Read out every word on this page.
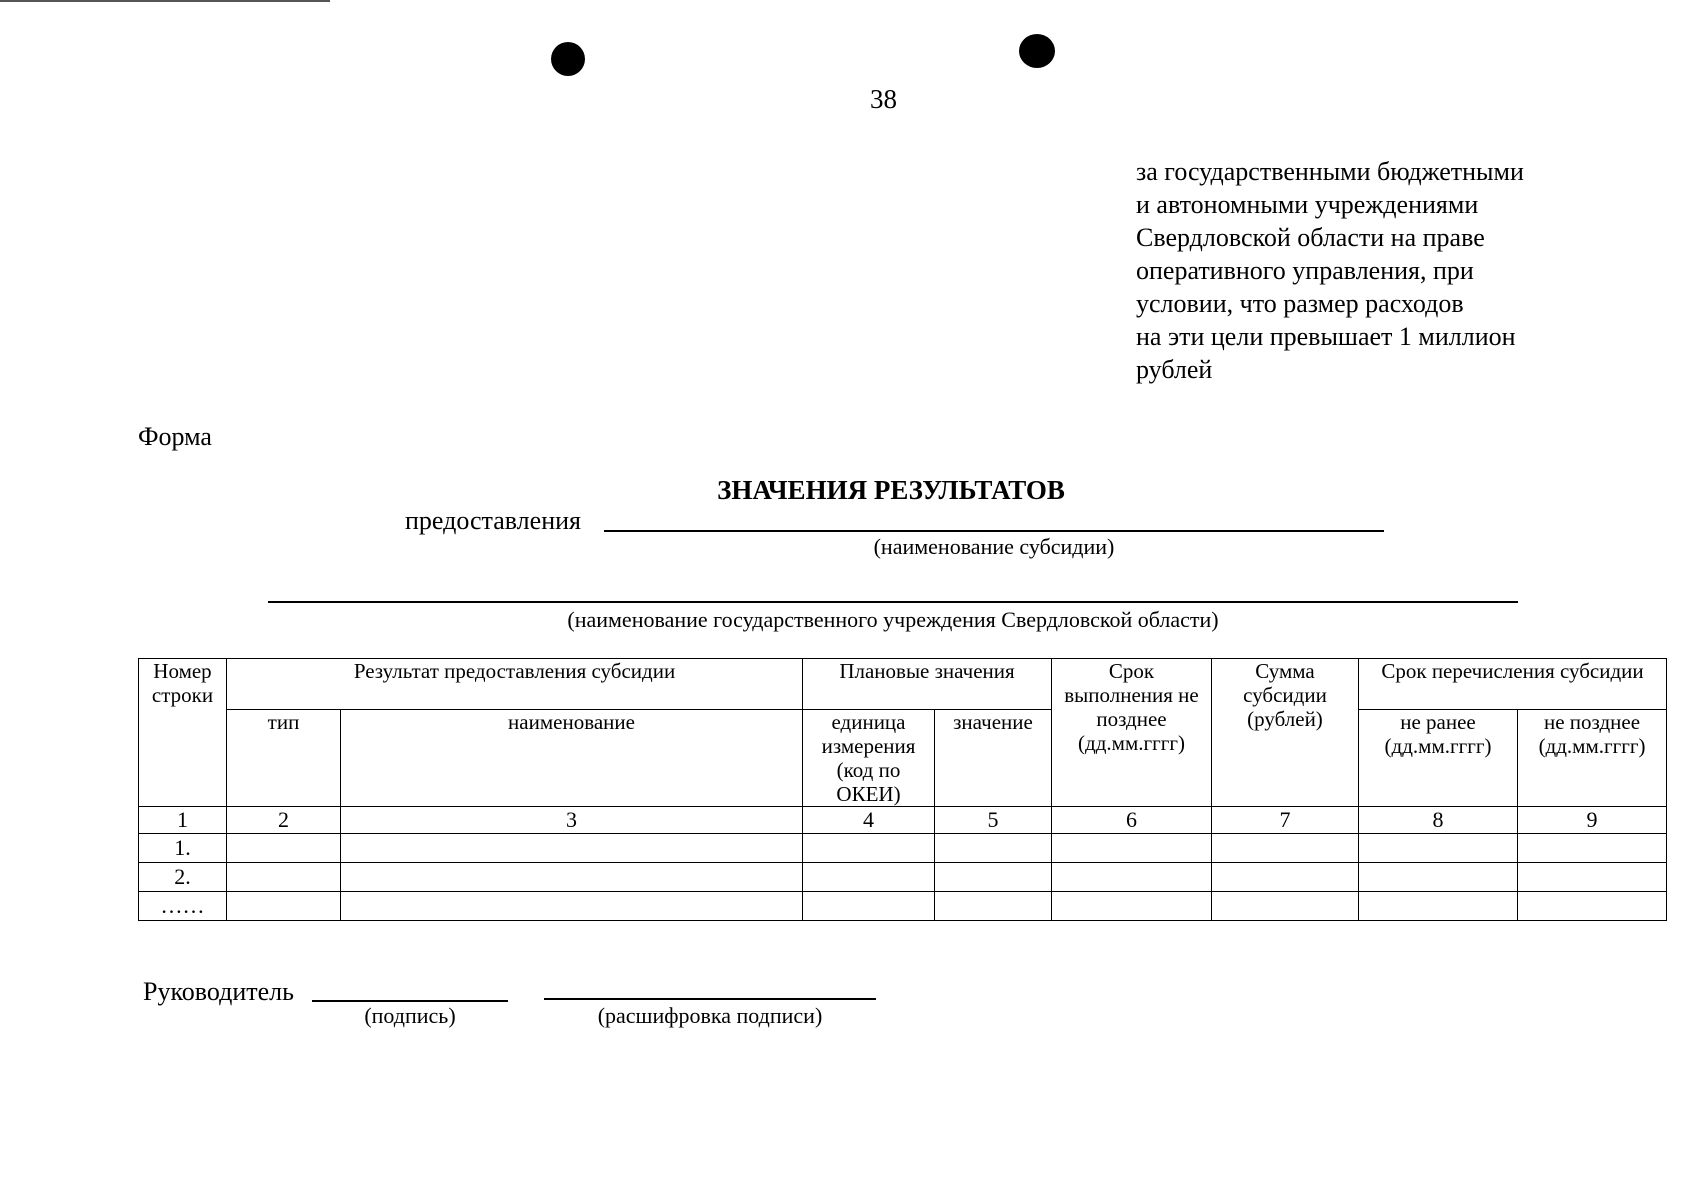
38
за государственными бюджетными
и автономными учреждениями
Свердловской области на праве
оперативного управления, при
условии, что размер расходов
на эти цели превышает 1 миллион
рублей
Форма
ЗНАЧЕНИЯ РЕЗУЛЬТАТОВ
предоставления
(наименование субсидии)
(наименование государственного учреждения Свердловской области)
Номер строки	Результат предоставления субсидии		Плановые значения		Срок выполнения не позднее (дд.мм.гггг)	Сумма субсидии (рублей)	Срок перечисления субсидии	
	тип	наименование	единица измерения (код по ОКЕИ)	значение			не ранее (дд.мм.гггг)	не позднее (дд.мм.гггг)
1	2	3	4	5	6	7	8	9
1.								
2.								
……								
Руководитель
(подпись)	(расшифровка подписи)
